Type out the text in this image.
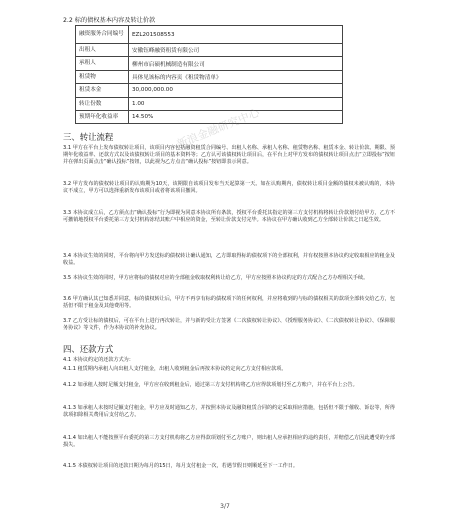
2.2 标的债权基本内容及转让价款
融资服务合同编号	EZL201508553
出租人	安徽钰峰融资租赁有限公司
承租人	柳州市启硕机械制造有限公司
租赁物	具体见该标的内容页《租赁物清单》
租赁本金	30,000,000.00
转让份数	1.00
预期年化收益率	14.50%	新浪金融研究中心
三、转让流程
3.1 甲方在平台上发布债权转让项目，该项目内容包括融资租赁合同编号、出租人名称、承租人名称、租赁物名称、租赁本金、转让价款、期限、预期年化收益率、还款方式以及该债权转让项目的基本资料等；乙方认可该债权转让项目后，在平台上对甲方发布的债权转让项目点击“立即投标”按钮并在弹出页面点击“确认投标”按钮，以此视为乙方点击“确认投标”按钮即表示同意。
3.2 甲方发布的债权转让项目的认购期为10天，该期限自该项目发布当天起算第一天。如在认购期内，债权转让项目金额的债权未被认购的，本协议不成立，甲方可以选择重新发布该项目或者将该项目撤回。
3.3 本协议成立后，乙方须点击“确认投标”行为即视为同意本协议所有条款，授权平台委托其指定的第三方支付机构将转让价款划付给甲方，乙方不可撤销地授权平台委托第三方支付机构冻结其账户中相应的资金，至转让价款支付完毕。本协议在甲方确认收到乙方全部转让价款之日起生效。
3.4 本协议生效的同时，平台将向甲方发送标的债权转让确认通知，乙方即取得标的债权项下的全部权利，并有权按照本协议约定收取相应的租金及收益。
3.5 本协议生效的同时，甲方应将标的债权对应的全部租金收取权利转让给乙方，甲方应按照本协议约定的方式配合乙方办理相关手续。
3.6 甲方确认其已知悉并同意，标的债权转让后，甲方不再享有标的债权项下的任何权利，并应将收到的与标的债权相关的款项全部转交给乙方，包括但不限于租金及其他费用等。
3.7 乙方受让标的债权后，可在平台上进行再次转让，并与新的受让方签署《二次债权转让协议》、《授理服务协议》、《二次债权转让协议》、《保障服务协议》等文件，作为本协议的补充协议。
四、还款方式
4.1 本协议约定的还款方式为：
4.1.1 租赁期内承租人向出租人支付租金，出租人收到租金后再按本协议约定向乙方支付相应款项。
4.1.2 如承租人按时足额支付租金，甲方应在收到租金后，通过第三方支付机构将乙方应得款项划付至乙方账户，并在平台上公告。
4.1.3 如承租人未按时足额支付租金，甲方应及时通知乙方，并按照本协议及融资租赁合同的约定采取相应措施，包括但不限于催收、诉讼等，所得款项扣除相关费用后支付给乙方。
4.1.4 如出租人不能按照平台委托的第三方支付机构将乙方应得款项划付至乙方账户，则出租人应承担相应的违约责任，并赔偿乙方因此遭受的全部损失。
4.1.5 本债权转让项目的还款日期为每月的15日，每月支付租金一次，若遇节假日则顺延至下一工作日。
3/7
